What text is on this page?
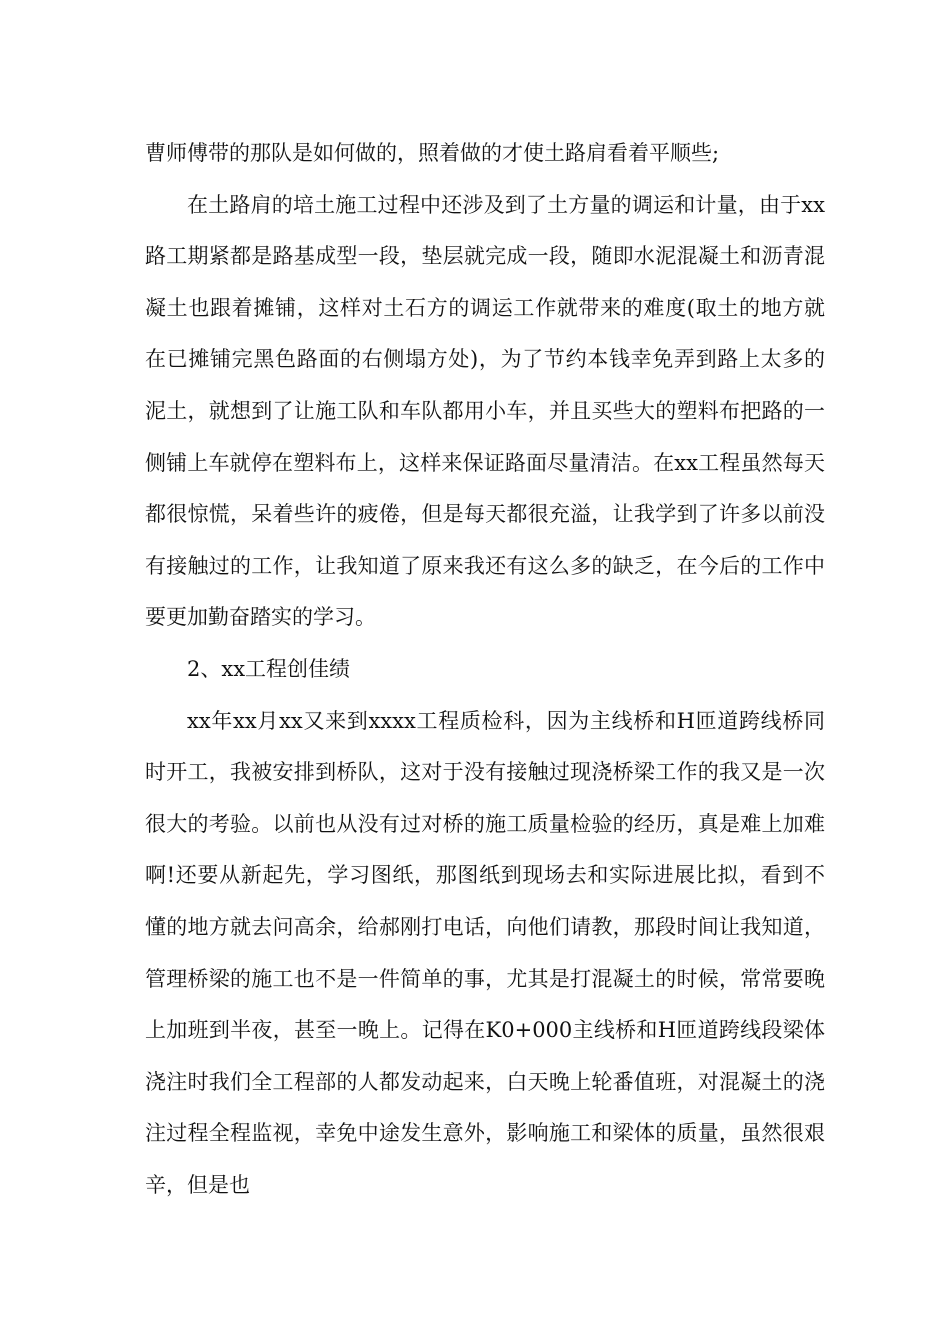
曹师傅带的那队是如何做的，照着做的才使土路肩看着平顺些;

在土路肩的培土施工过程中还涉及到了土方量的调运和计量，由于xx路工期紧都是路基成型一段，垫层就完成一段，随即水泥混凝土和沥青混凝土也跟着摊铺，这样对土石方的调运工作就带来的难度(取土的地方就在已摊铺完黑色路面的右侧塌方处)，为了节约本钱幸免弄到路上太多的泥土，就想到了让施工队和车队都用小车，并且买些大的塑料布把路的一侧铺上车就停在塑料布上，这样来保证路面尽量清洁。在xx工程虽然每天都很惊慌，呆着些许的疲倦，但是每天都很充溢，让我学到了许多以前没有接触过的工作，让我知道了原来我还有这么多的缺乏，在今后的工作中要更加勤奋踏实的学习。

2、xx工程创佳绩

xx年xx月xx又来到xxxx工程质检科，因为主线桥和H匝道跨线桥同时开工，我被安排到桥队，这对于没有接触过现浇桥梁工作的我又是一次很大的考验。以前也从没有过对桥的施工质量检验的经历，真是难上加难啊!还要从新起先，学习图纸，那图纸到现场去和实际进展比拟，看到不懂的地方就去问高余，给郝刚打电话，向他们请教，那段时间让我知道，管理桥梁的施工也不是一件简单的事，尤其是打混凝土的时候，常常要晚上加班到半夜，甚至一晚上。记得在K0+000主线桥和H匝道跨线段梁体浇注时我们全工程部的人都发动起来，白天晚上轮番值班，对混凝土的浇注过程全程监视，幸免中途发生意外，影响施工和梁体的质量，虽然很艰辛，但是也
